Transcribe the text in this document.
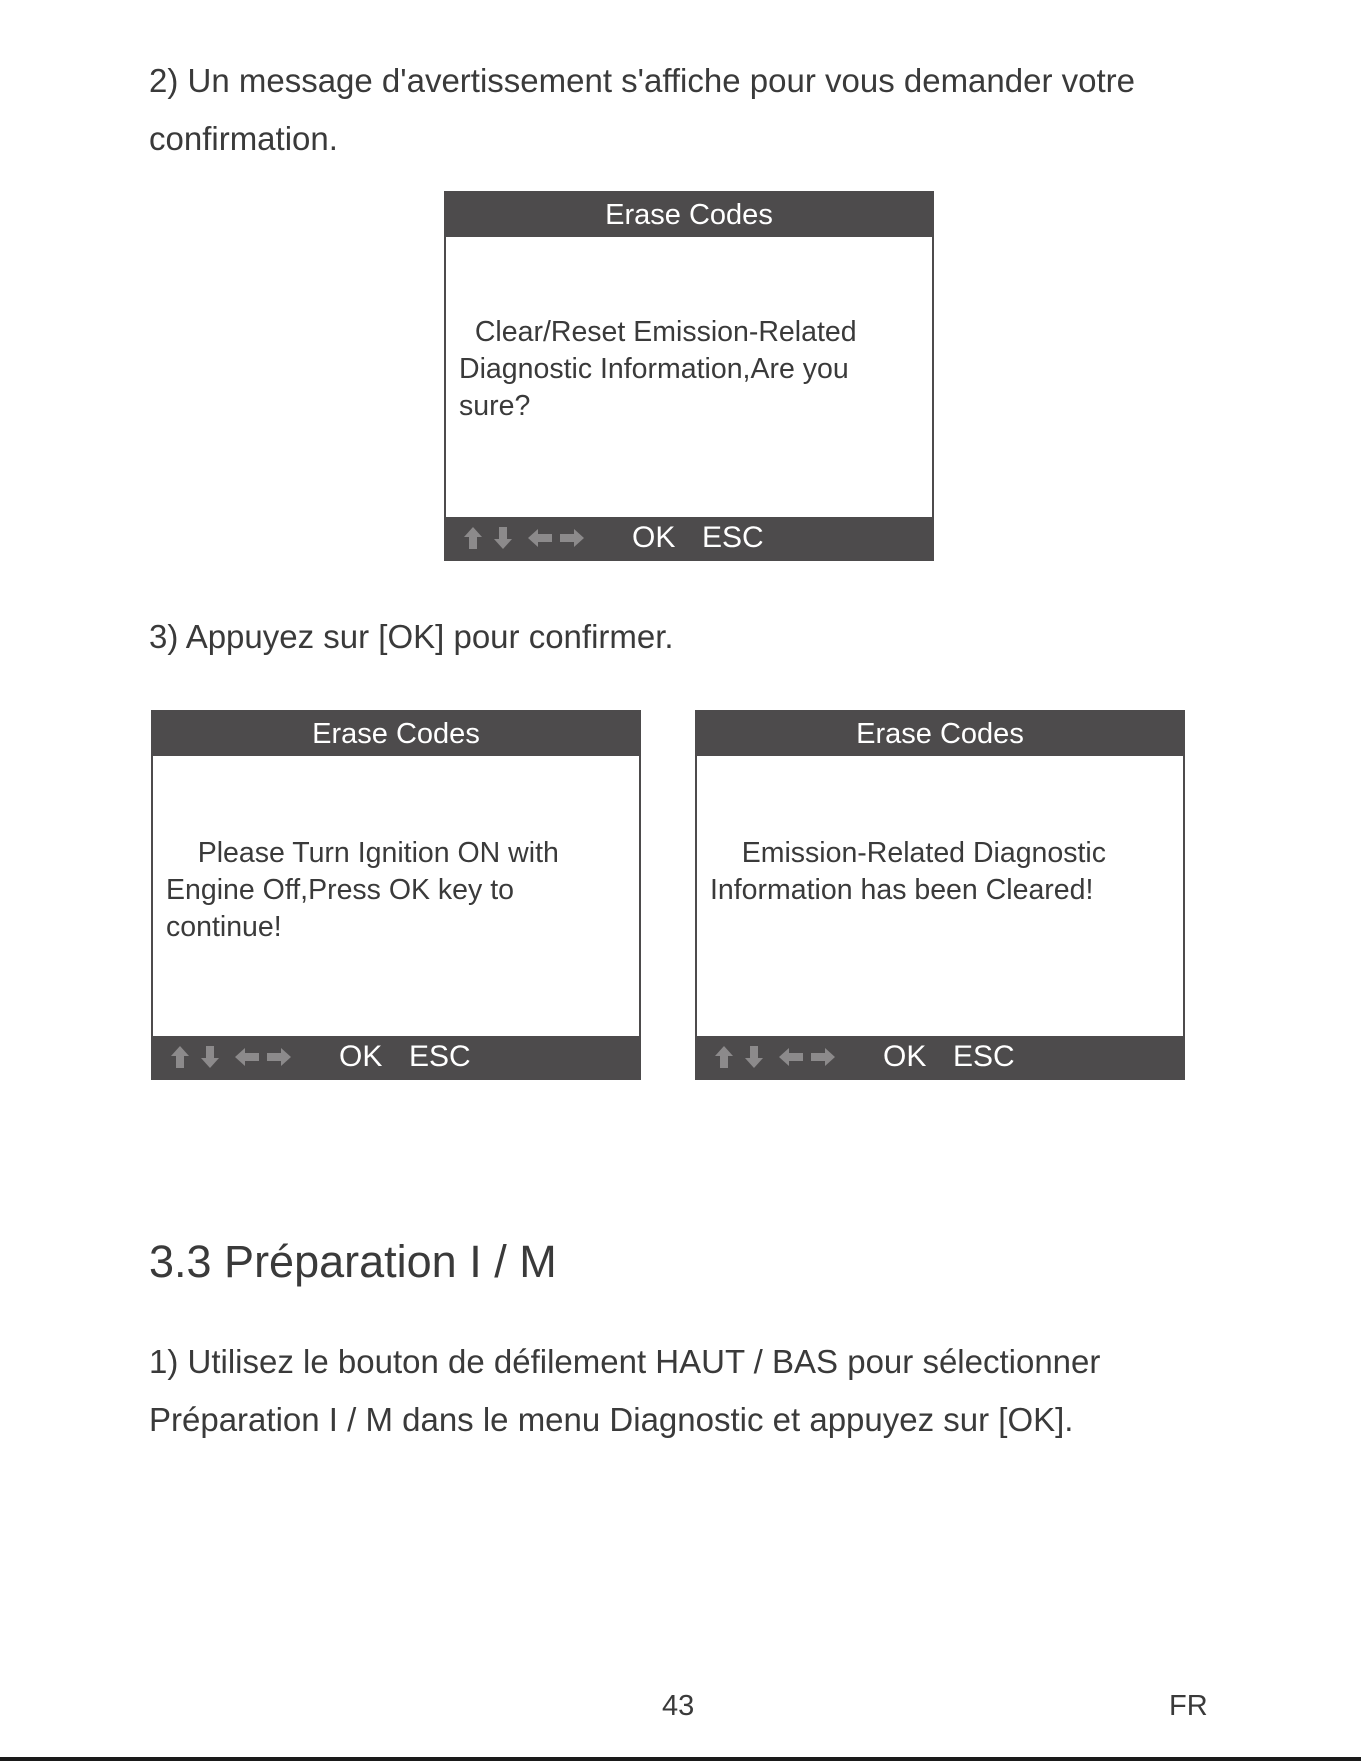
2) Un message d'avertissement s'affiche pour vous demander votre
confirmation.

Erase Codes
Clear/Reset Emission-Related
Diagnostic Information,Are you
sure?
OK ESC

3) Appuyez sur [OK] pour confirmer.

Erase Codes
Please Turn Ignition ON with
Engine Off,Press OK key to
continue!
OK ESC
Erase Codes
Emission-Related Diagnostic
Information has been Cleared!
OK ESC
3.3 Préparation I / M

1) Utilisez le bouton de défilement HAUT / BAS pour sélectionner
Préparation I / M dans le menu Diagnostic et appuyez sur [OK].

43	FR
